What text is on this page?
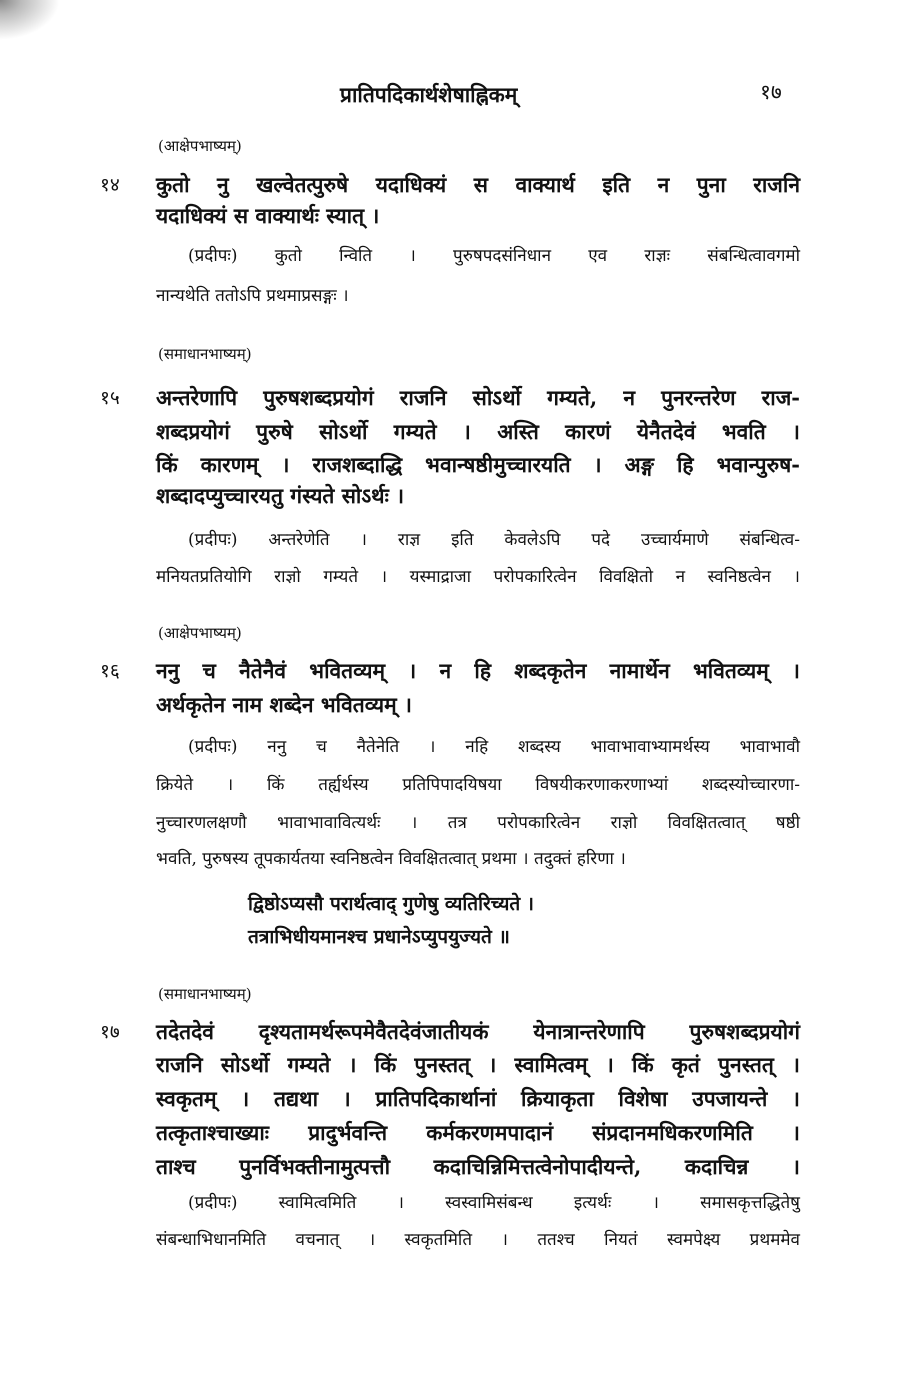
प्रातिपदिकार्थशेषाह्निकम्	१७
(आक्षेपभाष्यम्)
१४ कुतो नु खल्वेतत्पुरुषे यदाधिक्यं स वाक्यार्थ इति न पुना राजनि
यदाधिक्यं स वाक्यार्थः स्यात् ।
(प्रदीपः) कुतो न्विति । पुरुषपदसंनिधान एव राज्ञः संबन्धित्वावगमो
नान्यथेति ततोऽपि प्रथमाप्रसङ्गः ।
(समाधानभाष्यम्)
१५ अन्तरेणापि पुरुषशब्दप्रयोगं राजनि सोऽर्थो गम्यते, न पुनरन्तरेण राज-
शब्दप्रयोगं पुरुषे सोऽर्थो गम्यते । अस्ति कारणं येनैतदेवं भवति ।
किं कारणम् । राजशब्दाद्धि भवान्षष्ठीमुच्चारयति । अङ्ग हि भवान्पुरुष-
शब्दादप्युच्चारयतु गंस्यते सोऽर्थः ।
(प्रदीपः) अन्तरेणेति । राज्ञ इति केवलेऽपि पदे उच्चार्यमाणे संबन्धित्व-
मनियतप्रतियोगि राज्ञो गम्यते । यस्माद्राजा परोपकारित्वेन विवक्षितो न स्वनिष्ठत्वेन ।
(आक्षेपभाष्यम्)
१६ ननु च नैतेनैवं भवितव्यम् । न हि शब्दकृतेन नामार्थेन भवितव्यम् ।
अर्थकृतेन नाम शब्देन भवितव्यम् ।
(प्रदीपः) ननु च नैतेनेति । नहि शब्दस्य भावाभावाभ्यामर्थस्य भावाभावौ
क्रियेते । किं तर्ह्यर्थस्य प्रतिपिपादयिषया विषयीकरणाकरणाभ्यां शब्दस्योच्चारणा-
नुच्चारणलक्षणौ भावाभावावित्यर्थः । तत्र परोपकारित्वेन राज्ञो विवक्षितत्वात् षष्ठी
भवति, पुरुषस्य तूपकार्यतया स्वनिष्ठत्वेन विवक्षितत्वात् प्रथमा । तदुक्तं हरिणा ।
द्विष्ठोऽप्यसौ परार्थत्वाद् गुणेषु व्यतिरिच्यते ।
तत्राभिधीयमानश्च प्रधानेऽप्युपयुज्यते ॥
(समाधानभाष्यम्)
१७ तदेतदेवं दृश्यतामर्थरूपमेवैतदेवंजातीयकं येनात्रान्तरेणापि पुरुषशब्दप्रयोगं
राजनि सोऽर्थो गम्यते । किं पुनस्तत् । स्वामित्वम् । किं कृतं पुनस्तत् ।
स्वकृतम् । तद्यथा । प्रातिपदिकार्थानां क्रियाकृता विशेषा उपजायन्ते ।
तत्कृताश्चाख्याः प्रादुर्भवन्ति कर्मकरणमपादानं संप्रदानमधिकरणमिति ।
ताश्च पुनर्विभक्तीनामुत्पत्तौ कदाचिन्निमित्तत्वेनोपादीयन्ते, कदाचिन्न ।
(प्रदीपः) स्वामित्वमिति । स्वस्वामिसंबन्ध इत्यर्थः । समासकृत्तद्धितेषु
संबन्धाभिधानमिति वचनात् । स्वकृतमिति । ततश्च नियतं स्वमपेक्ष्य प्रथममेव
